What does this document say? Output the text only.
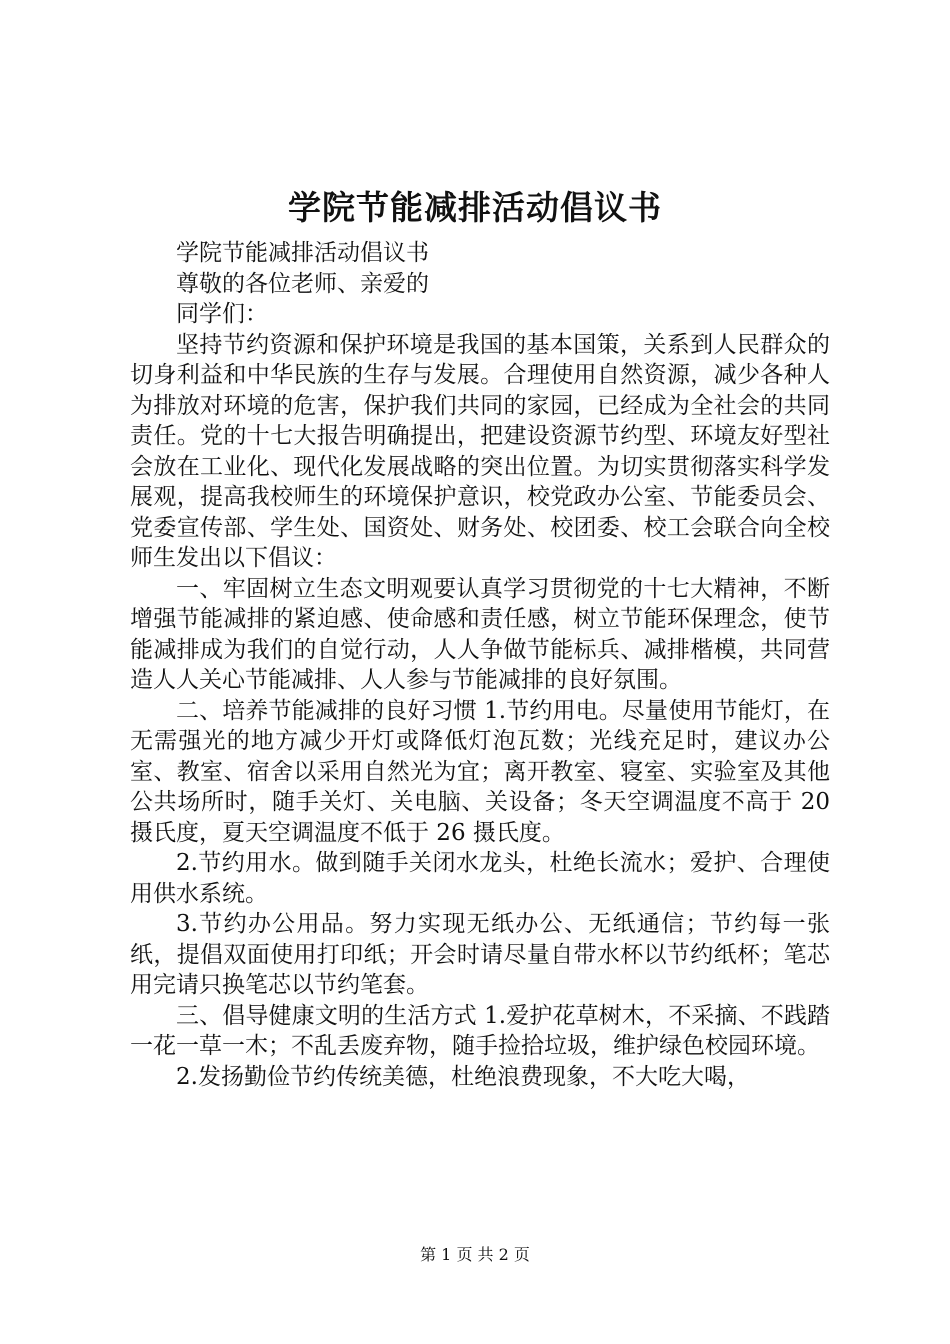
学院节能减排活动倡议书

学院节能减排活动倡议书

尊敬的各位老师、亲爱的

同学们：

坚持节约资源和保护环境是我国的基本国策，关系到人民群众的切身利益和中华民族的生存与发展。合理使用自然资源，减少各种人为排放对环境的危害，保护我们共同的家园，已经成为全社会的共同责任。党的十七大报告明确提出，把建设资源节约型、环境友好型社会放在工业化、现代化发展战略的突出位置。为切实贯彻落实科学发展观，提高我校师生的环境保护意识，校党政办公室、节能委员会、党委宣传部、学生处、国资处、财务处、校团委、校工会联合向全校师生发出以下倡议：

一、牢固树立生态文明观要认真学习贯彻党的十七大精神，不断增强节能减排的紧迫感、使命感和责任感，树立节能环保理念，使节能减排成为我们的自觉行动，人人争做节能标兵、减排楷模，共同营造人人关心节能减排、人人参与节能减排的良好氛围。

二、培养节能减排的良好习惯 1.节约用电。尽量使用节能灯，在无需强光的地方减少开灯或降低灯泡瓦数；光线充足时，建议办公室、教室、宿舍以采用自然光为宜；离开教室、寝室、实验室及其他公共场所时，随手关灯、关电脑、关设备；冬天空调温度不高于 20 摄氏度，夏天空调温度不低于 26 摄氏度。

2.节约用水。做到随手关闭水龙头，杜绝长流水；爱护、合理使用供水系统。

3.节约办公用品。努力实现无纸办公、无纸通信；节约每一张纸，提倡双面使用打印纸；开会时请尽量自带水杯以节约纸杯；笔芯用完请只换笔芯以节约笔套。

三、倡导健康文明的生活方式 1.爱护花草树木，不采摘、不践踏一花一草一木；不乱丢废弃物，随手捡拾垃圾，维护绿色校园环境。

2.发扬勤俭节约传统美德，杜绝浪费现象，不大吃大喝，

第 1 页 共 2 页
